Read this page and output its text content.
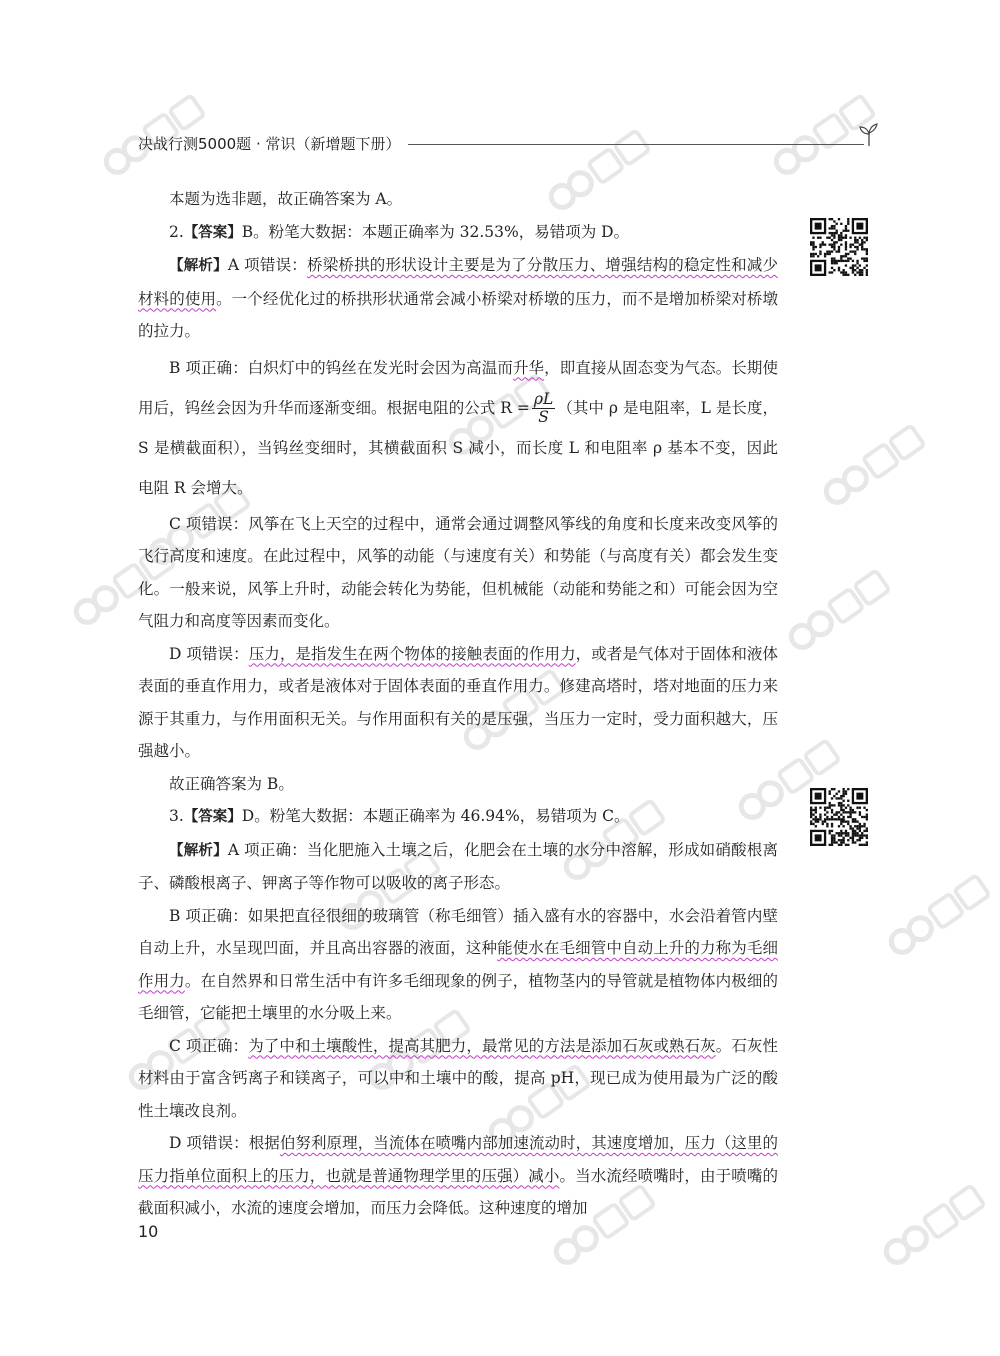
决战行测5000题 · 常识（新增题下册）

本题为选非题，故正确答案为 A。

2.【答案】B。粉笔大数据：本题正确率为 32.53%，易错项为 D。

【解析】A 项错误：桥梁桥拱的形状设计主要是为了分散压力、增强结构的稳定性和减少材料的使用。一个经优化过的桥拱形状通常会减小桥梁对桥墩的压力，而不是增加桥梁对桥墩的拉力。

B 项正确：白炽灯中的钨丝在发光时会因为高温而升华，即直接从固态变为气态。长期使用后，钨丝会因为升华而逐渐变细。根据电阻的公式 $R = \frac{\rho L}{S}$ （其中 ρ 是电阻率，L 是长度，S 是横截面积），当钨丝变细时，其横截面积 S 减小，而长度 L 和电阻率 ρ 基本不变，因此电阻 R 会增大。

C 项错误：风筝在飞上天空的过程中，通常会通过调整风筝线的角度和长度来改变风筝的飞行高度和速度。在此过程中，风筝的动能（与速度有关）和势能（与高度有关）都会发生变化。一般来说，风筝上升时，动能会转化为势能，但机械能（动能和势能之和）可能会因为空气阻力和高度等因素而变化。

D 项错误：压力，是指发生在两个物体的接触表面的作用力，或者是气体对于固体和液体表面的垂直作用力，或者是液体对于固体表面的垂直作用力。修建高塔时，塔对地面的压力来源于其重力，与作用面积无关。与作用面积有关的是压强，当压力一定时，受力面积越大，压强越小。

故正确答案为 B。

3.【答案】D。粉笔大数据：本题正确率为 46.94%，易错项为 C。

【解析】A 项正确：当化肥施入土壤之后，化肥会在土壤的水分中溶解，形成如硝酸根离子、磷酸根离子、钾离子等作物可以吸收的离子形态。

B 项正确：如果把直径很细的玻璃管（称毛细管）插入盛有水的容器中，水会沿着管内壁自动上升，水呈现凹面，并且高出容器的液面，这种能使水在毛细管中自动上升的力称为毛细作用力。在自然界和日常生活中有许多毛细现象的例子，植物茎内的导管就是植物体内极细的毛细管，它能把土壤里的水分吸上来。

C 项正确：为了中和土壤酸性，提高其肥力，最常见的方法是添加石灰或熟石灰。石灰性材料由于富含钙离子和镁离子，可以中和土壤中的酸，提高 pH，现已成为使用最为广泛的酸性土壤改良剂。

D 项错误：根据伯努利原理，当流体在喷嘴内部加速流动时，其速度增加，压力（这里的压力指单位面积上的压力，也就是普通物理学里的压强）减小。当水流经喷嘴时，由于喷嘴的截面积减小，水流的速度会增加，而压力会降低。这种速度的增加

10
